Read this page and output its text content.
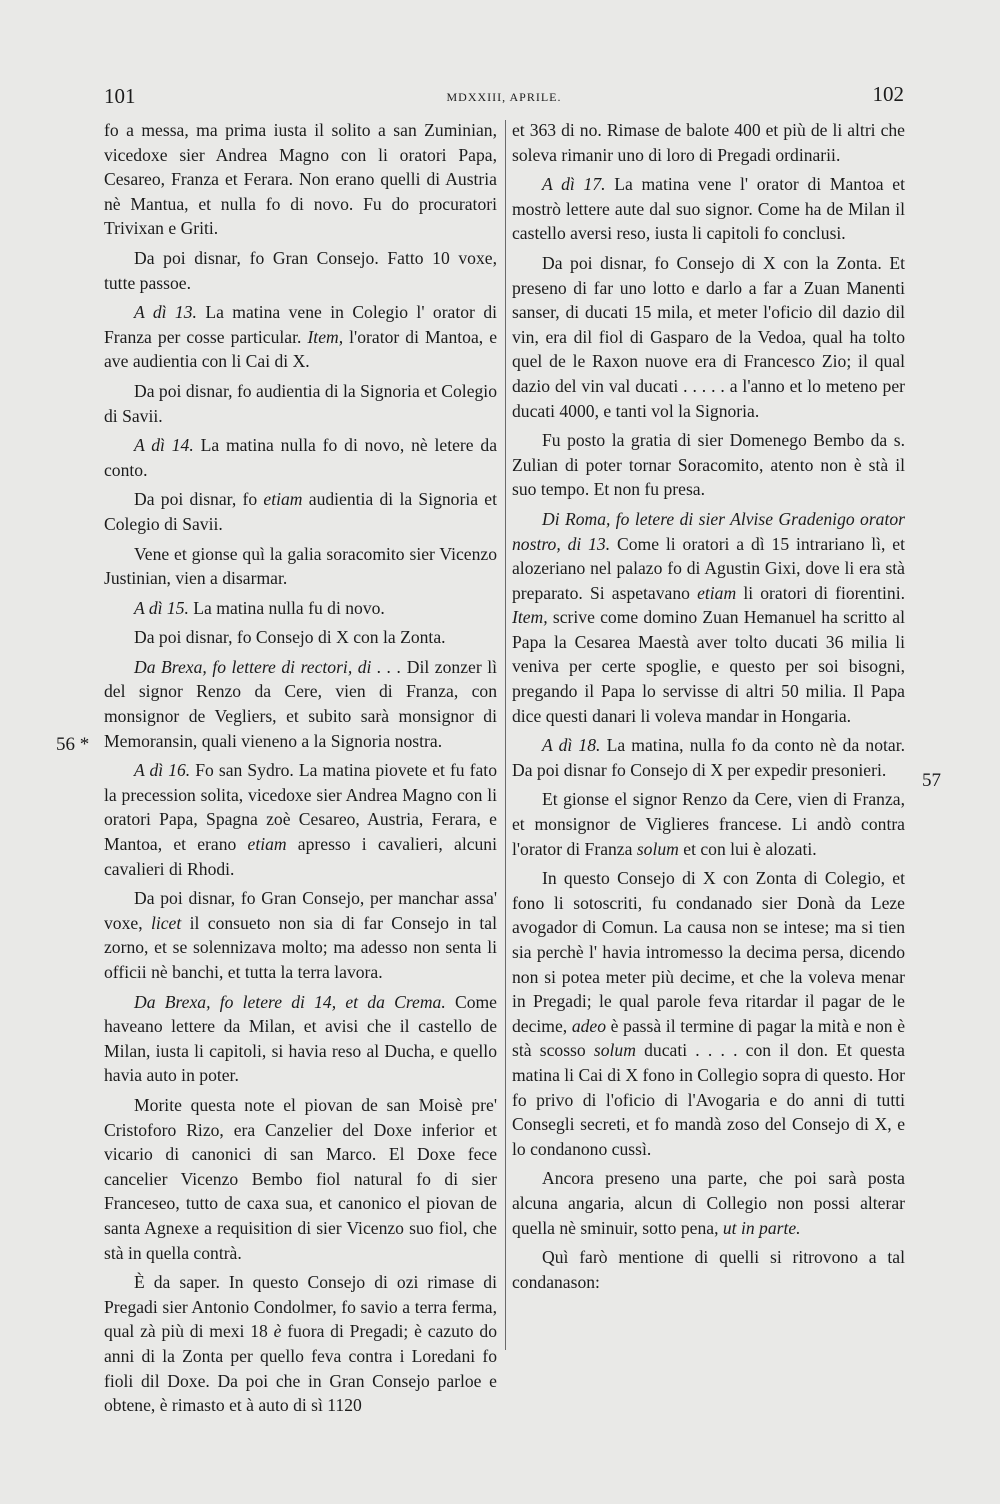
101	MDXXIII, APRILE.	102
56 *
57

fo a messa, ma prima iusta il solito a san Zuminian, vicedoxe sier Andrea Magno con li oratori Papa, Cesareo, Franza et Ferara. Non erano quelli di Austria nè Mantua, et nulla fo di novo. Fu do procuratori Trivixan e Griti.

Da poi disnar, fo Gran Consejo. Fatto 10 voxe, tutte passoe.

A dì 13. La matina vene in Colegio l' orator di Franza per cosse particular. Item, l'orator di Mantoa, e ave audientia con li Cai di X.

Da poi disnar, fo audientia di la Signoria et Colegio di Savii.

A dì 14. La matina nulla fo di novo, nè letere da conto.

Da poi disnar, fo etiam audientia di la Signoria et Colegio di Savii.

Vene et gionse quì la galia soracomito sier Vicenzo Justinian, vien a disarmar.

A dì 15. La matina nulla fu di novo.

Da poi disnar, fo Consejo di X con la Zonta.

Da Brexa, fo lettere di rectori, di . . . Dil zonzer lì del signor Renzo da Cere, vien di Franza, con monsignor de Vegliers, et subito sarà monsignor di Memoransin, quali vieneno a la Signoria nostra.

A dì 16. Fo san Sydro. La matina piovete et fu fato la precession solita, vicedoxe sier Andrea Magno con li oratori Papa, Spagna zoè Cesareo, Austria, Ferara, e Mantoa, et erano etiam apresso i cavalieri, alcuni cavalieri di Rhodi.

Da poi disnar, fo Gran Consejo, per manchar assa' voxe, licet il consueto non sia di far Consejo in tal zorno, et se solennizava molto; ma adesso non senta li officii nè banchi, et tutta la terra lavora.

Da Brexa, fo letere di 14, et da Crema. Come haveano lettere da Milan, et avisi che il castello de Milan, iusta li capitoli, si havia reso al Ducha, e quello havia auto in poter.

Morite questa note el piovan de san Moisè pre' Cristoforo Rizo, era Canzelier del Doxe inferior et vicario di canonici di san Marco. El Doxe fece cancelier Vicenzo Bembo fiol natural fo di sier Franceseo, tutto de caxa sua, et canonico el piovan de santa Agnexe a requisition di sier Vicenzo suo fiol, che stà in quella contrà.

È da saper. In questo Consejo di ozi rimase di Pregadi sier Antonio Condolmer, fo savio a terra ferma, qual zà più di mexi 18 è fuora di Pregadi; è cazuto do anni di la Zonta per quello feva contra i Loredani fo fioli dil Doxe. Da poi che in Gran Consejo parloe e obtene, è rimasto et à auto di sì 1120

et 363 di no. Rimase de balote 400 et più de li altri che soleva rimanir uno di loro di Pregadi ordinarii.

A dì 17. La matina vene l' orator di Mantoa et mostrò lettere aute dal suo signor. Come ha de Milan il castello aversi reso, iusta li capitoli fo conclusi.

Da poi disnar, fo Consejo di X con la Zonta. Et preseno di far uno lotto e darlo a far a Zuan Manenti sanser, di ducati 15 mila, et meter l'oficio dil dazio dil vin, era dil fiol di Gasparo de la Vedoa, qual ha tolto quel de le Raxon nuove era di Francesco Zio; il qual dazio del vin val ducati . . . . . a l'anno et lo meteno per ducati 4000, e tanti vol la Signoria.

Fu posto la gratia di sier Domenego Bembo da s. Zulian di poter tornar Soracomito, atento non è stà il suo tempo. Et non fu presa.

Di Roma, fo letere di sier Alvise Gradenigo orator nostro, di 13. Come li oratori a dì 15 intrariano lì, et alozeriano nel palazo fo di Agustin Gixi, dove li era stà preparato. Si aspetavano etiam li oratori di fiorentini. Item, scrive come domino Zuan Hemanuel ha scritto al Papa la Cesarea Maestà aver tolto ducati 36 milia li veniva per certe spoglie, e questo per soi bisogni, pregando il Papa lo servisse di altri 50 milia. Il Papa dice questi danari li voleva mandar in Hongaria.

A dì 18. La matina, nulla fo da conto nè da notar. Da poi disnar fo Consejo di X per expedir presonieri.

Et gionse el signor Renzo da Cere, vien di Franza, et monsignor de Viglieres francese. Li andò contra l'orator di Franza solum et con lui è alozati.

In questo Consejo di X con Zonta di Colegio, et fono li sotoscriti, fu condanado sier Donà da Leze avogador di Comun. La causa non se intese; ma si tien sia perchè l' havia intromesso la decima persa, dicendo non si potea meter più decime, et che la voleva menar in Pregadi; le qual parole feva ritardar il pagar de le decime, adeo è passà il termine di pagar la mità e non è stà scosso solum ducati . . . . con il don. Et questa matina li Cai di X fono in Collegio sopra di questo. Hor fo privo di l'oficio di l'Avogaria e do anni di tutti Consegli secreti, et fo mandà zoso del Consejo di X, e lo condanono cussì.

Ancora preseno una parte, che poi sarà posta alcuna angaria, alcun di Collegio non possi alterar quella nè sminuir, sotto pena, ut in parte.

Quì farò mentione di quelli si ritrovono a tal condanason:
